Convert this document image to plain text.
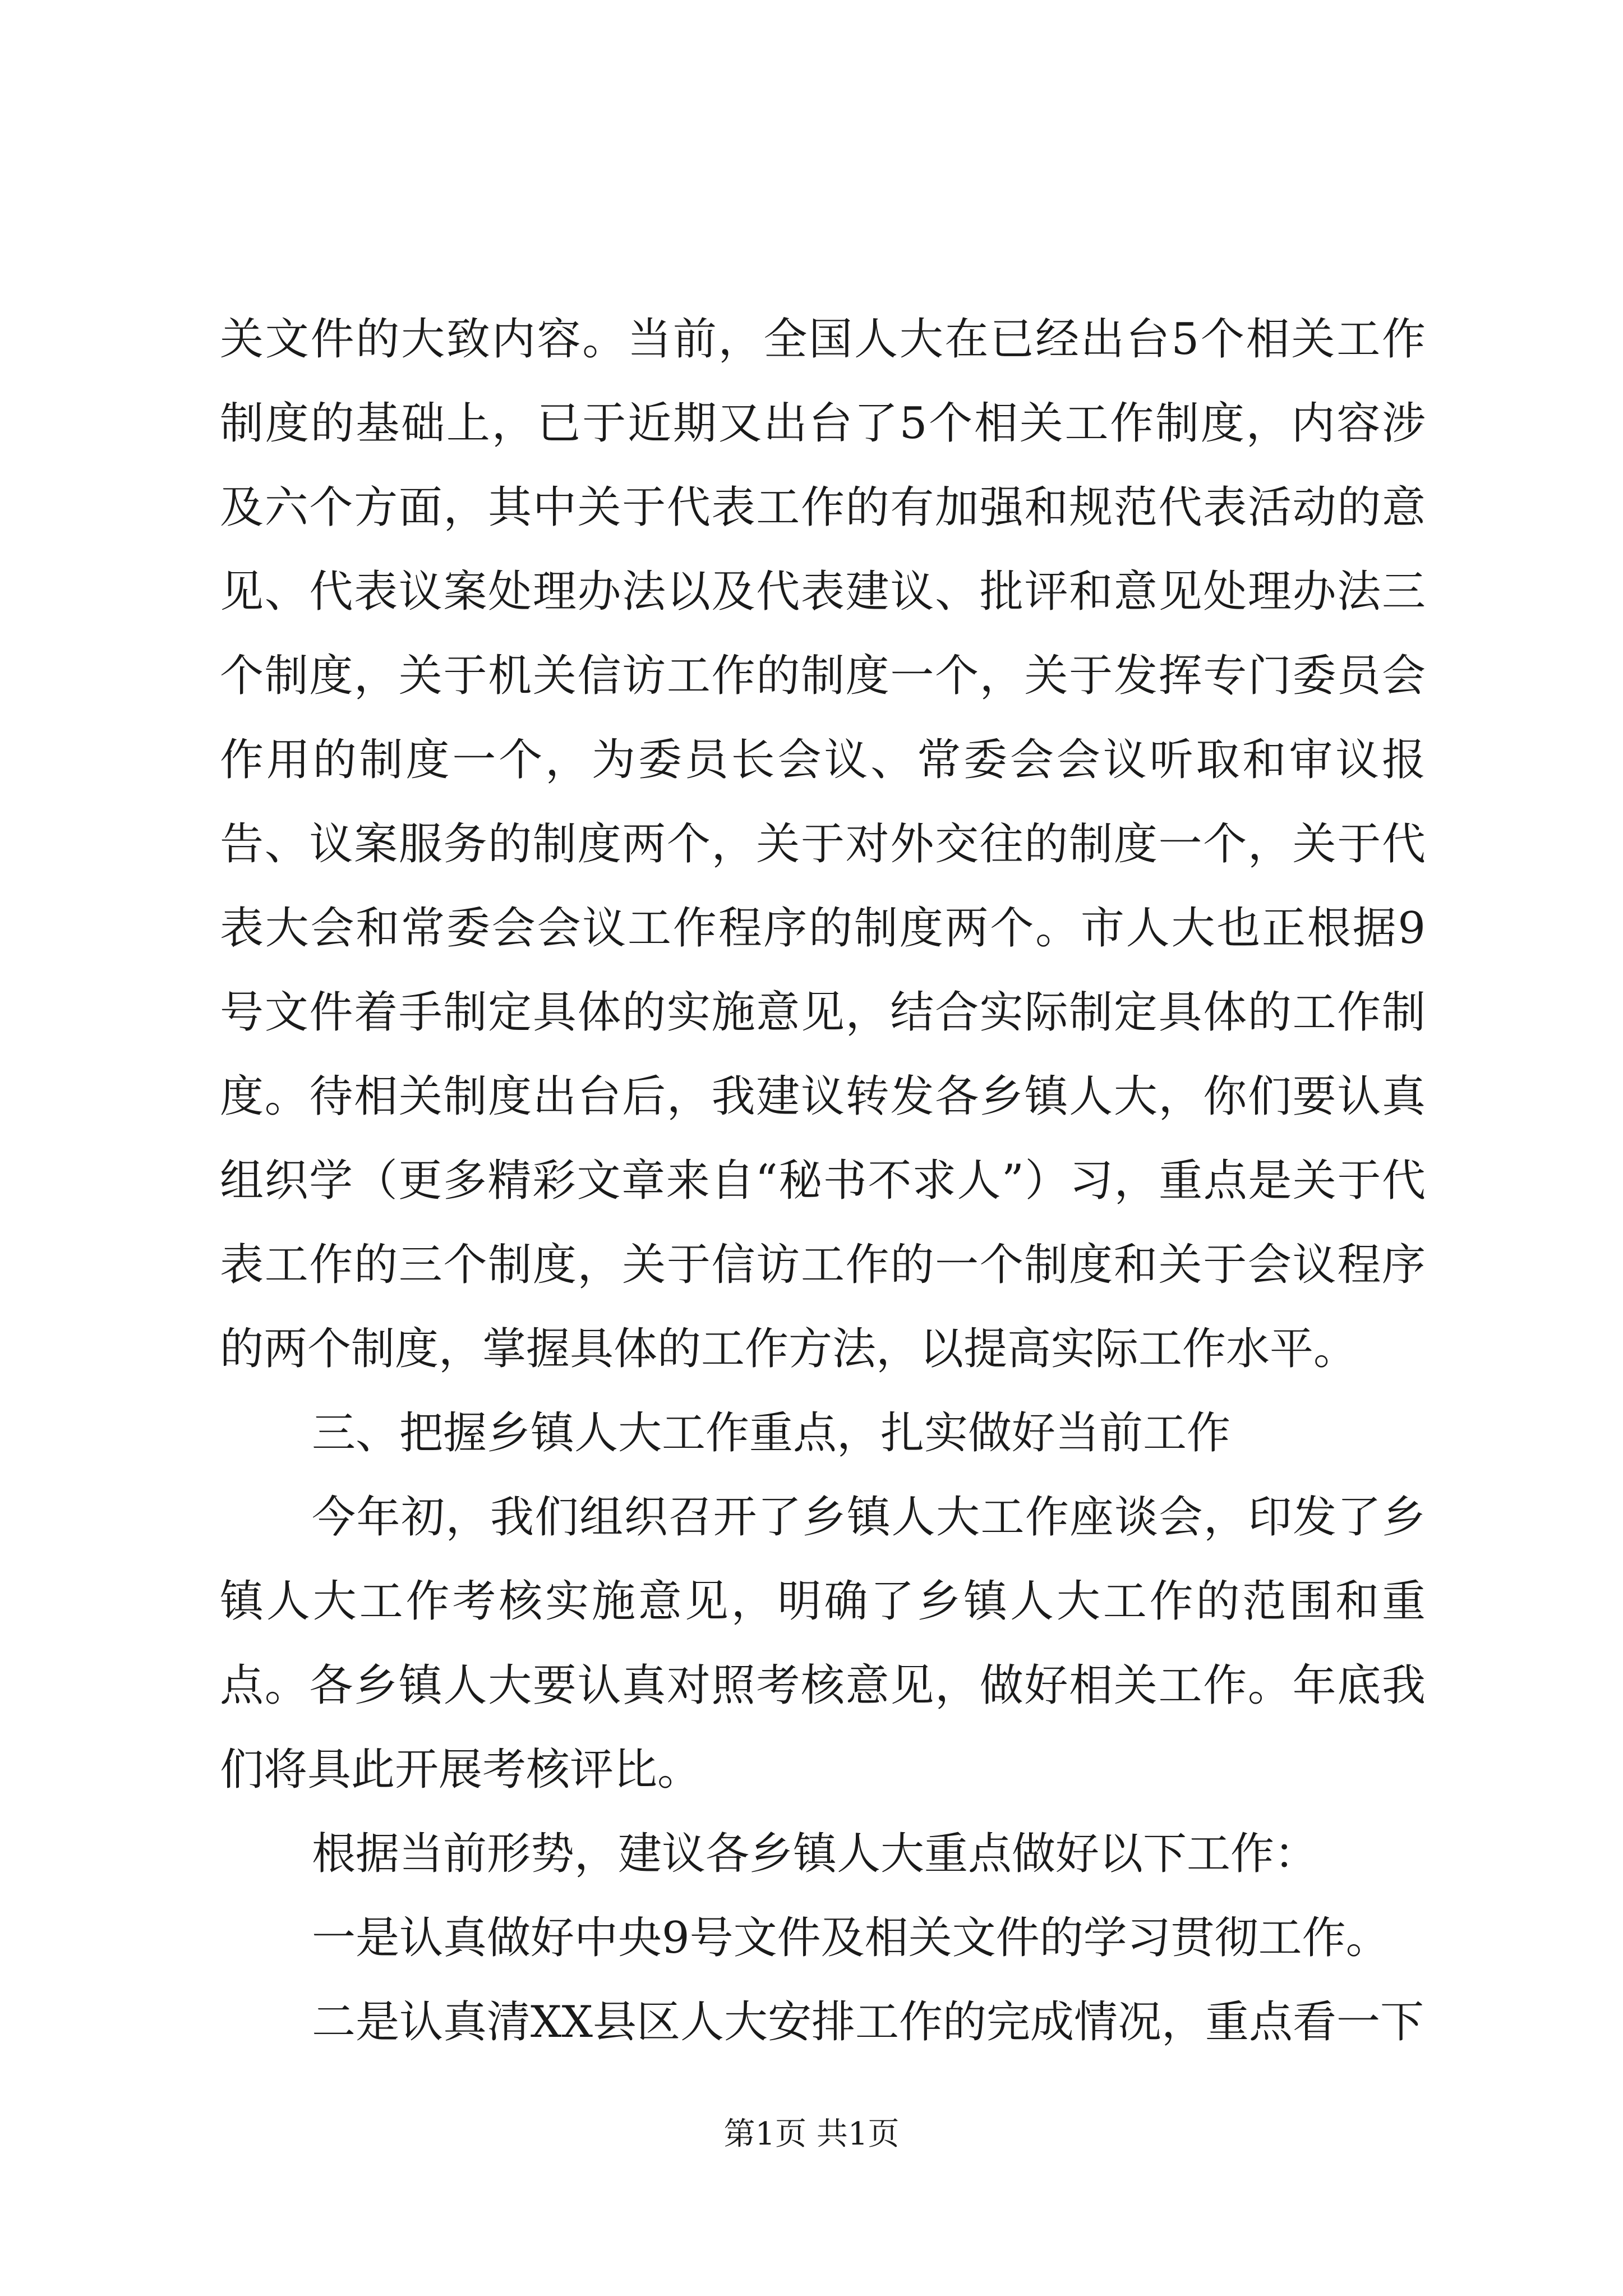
关文件的大致内容。当前，全国人大在已经出台5个相关工作制度的基础上，已于近期又出台了5个相关工作制度，内容涉及六个方面，其中关于代表工作的有加强和规范代表活动的意见、代表议案处理办法以及代表建议、批评和意见处理办法三个制度，关于机关信访工作的制度一个，关于发挥专门委员会作用的制度一个，为委员长会议、常委会会议听取和审议报告、议案服务的制度两个，关于对外交往的制度一个，关于代表大会和常委会会议工作程序的制度两个。市人大也正根据9号文件着手制定具体的实施意见，结合实际制定具体的工作制度。待相关制度出台后，我建议转发各乡镇人大，你们要认真组织学（更多精彩文章来自“秘书不求人”）习，重点是关于代表工作的三个制度，关于信访工作的一个制度和关于会议程序的两个制度，掌握具体的工作方法，以提高实际工作水平。

三、把握乡镇人大工作重点，扎实做好当前工作

今年初，我们组织召开了乡镇人大工作座谈会，印发了乡镇人大工作考核实施意见，明确了乡镇人大工作的范围和重点。各乡镇人大要认真对照考核意见，做好相关工作。年底我们将具此开展考核评比。

根据当前形势，建议各乡镇人大重点做好以下工作：

一是认真做好中央9号文件及相关文件的学习贯彻工作。

二是认真清XX县区人大安排工作的完成情况，重点看一下

第1页 共1页
